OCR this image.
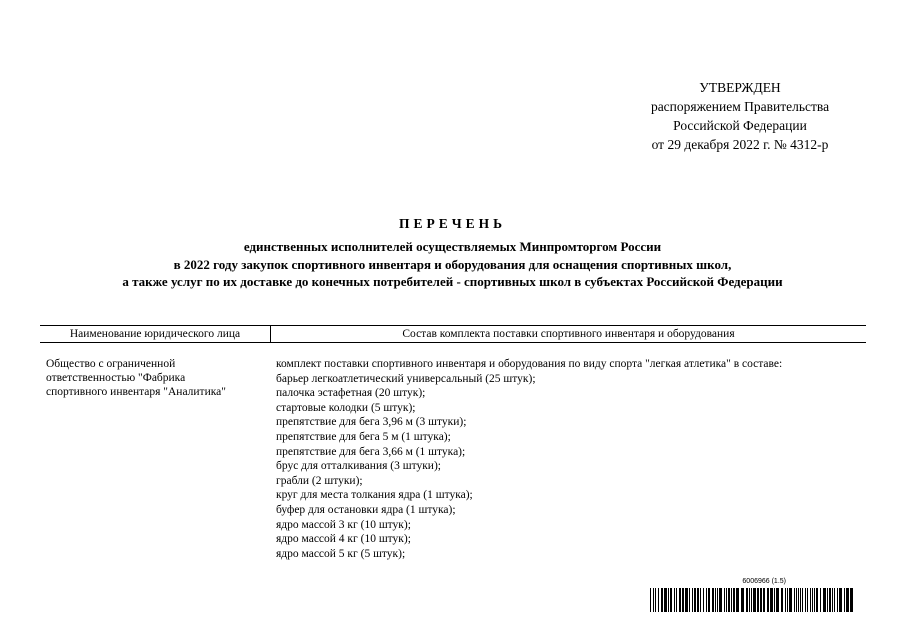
УТВЕРЖДЕН
распоряжением Правительства
Российской Федерации
от 29 декабря 2022 г. № 4312-р
ПЕРЕЧЕНЬ
единственных исполнителей осуществляемых Минпромторгом России
в 2022 году закупок спортивного инвентаря и оборудования для оснащения спортивных школ,
а также услуг по их доставке до конечных потребителей - спортивных школ в субъектах Российской Федерации
Наименование юридического лица	Состав комплекта поставки спортивного инвентаря и оборудования
Общество с ограниченной
ответственностью "Фабрика
спортивного инвентаря "Аналитика"
комплект поставки спортивного инвентаря и оборудования по виду спорта "легкая атлетика" в составе:
барьер легкоатлетический универсальный (25 штук);
палочка эстафетная (20 штук);
стартовые колодки (5 штук);
препятствие для бега 3,96 м (3 штуки);
препятствие для бега 5 м (1 штука);
препятствие для бега 3,66 м (1 штука);
брус для отталкивания (3 штуки);
грабли (2 штуки);
круг для места толкания ядра (1 штука);
буфер для остановки ядра (1 штука);
ядро массой 3 кг (10 штук);
ядро массой 4 кг (10 штук);
ядро массой 5 кг (5 штук);
6006966 (1.5)
